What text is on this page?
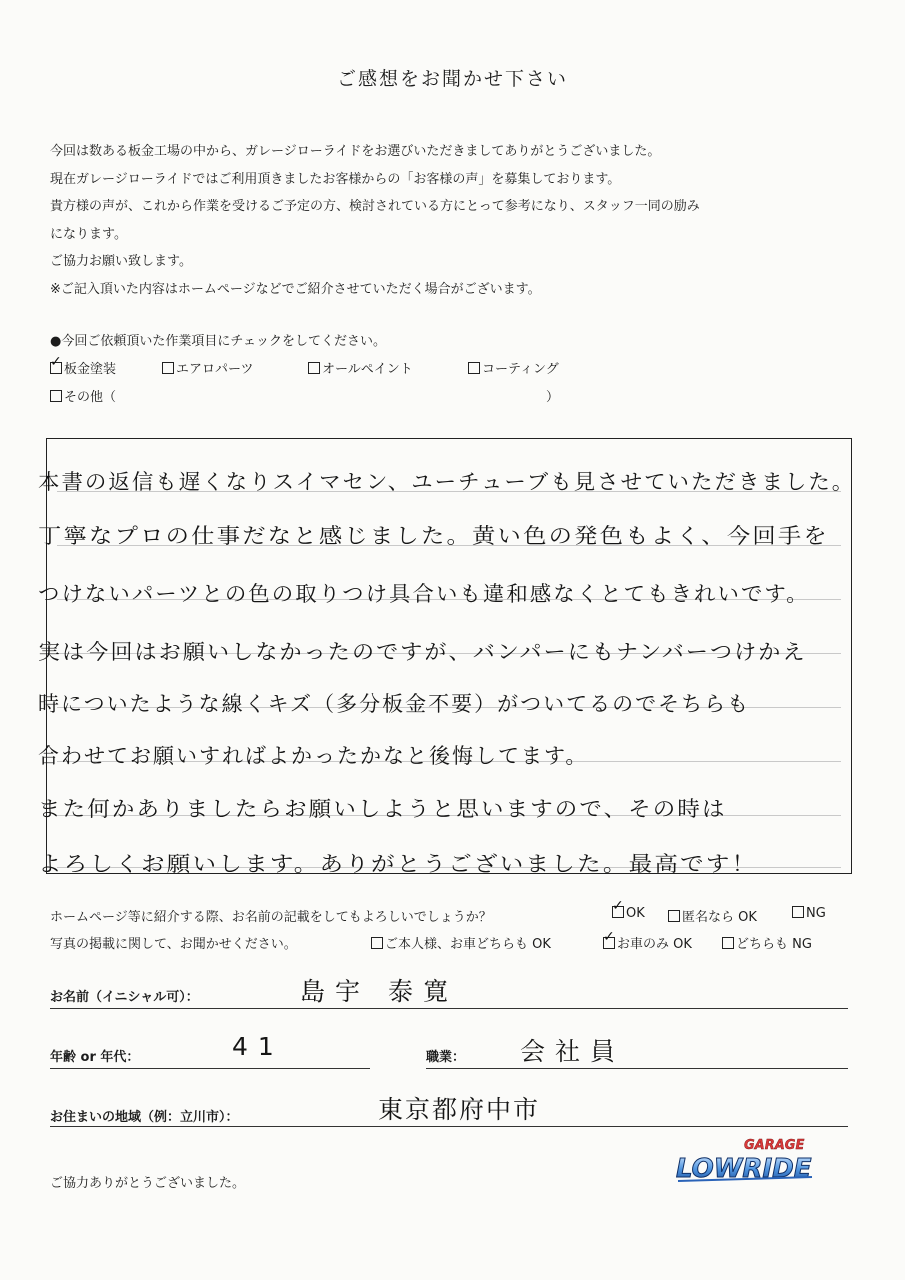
ご感想をお聞かせ下さい

今回は数ある板金工場の中から、ガレージローライドをお選びいただきましてありがとうございました。

現在ガレージローライドではご利用頂きましたお客様からの「お客様の声」を募集しております。

貴方様の声が、これから作業を受けるご予定の方、検討されている方にとって参考になり、スタッフ一同の励み

になります。

ご協力お願い致します。

※ご記入頂いた内容はホームページなどでご紹介させていただく場合がございます。

●今回ご依頼頂いた作業項目にチェックをしてください。
✓板金塗装	エアロパーツ	オールペイント	コーティング
その他（	）
本書の返信も遅くなりスイマセン、ユーチューブも見させていただきました。
丁寧なプロの仕事だなと感じました。黄い色の発色もよく、今回手を
つけないパーツとの色の取りつけ具合いも違和感なくとてもきれいです。
実は今回はお願いしなかったのですが、バンパーにもナンバーつけかえ
時についたような線くキズ（多分板金不要）がついてるのでそちらも
合わせてお願いすればよかったかなと後悔してます。
また何かありましたらお願いしようと思いますので、その時は
よろしくお願いします。ありがとうございました。最高です！
ホームページ等に紹介する際、お名前の記載をしてもよろしいでしょうか？ ✓	OK	匿名なら OK	NG
写真の掲載に関して、お聞かせください。	ご本人様、お車どちらも OK ✓	お車のみ OK	どちらも NG
お名前（イニシャル可）：	島宇 泰寛
年齢 or 年代：	41	職業： 会社員
お住まいの地域（例：立川市）：	東京都府中市
ご協力ありがとうございました。
GARAGE
LOWRIDE
